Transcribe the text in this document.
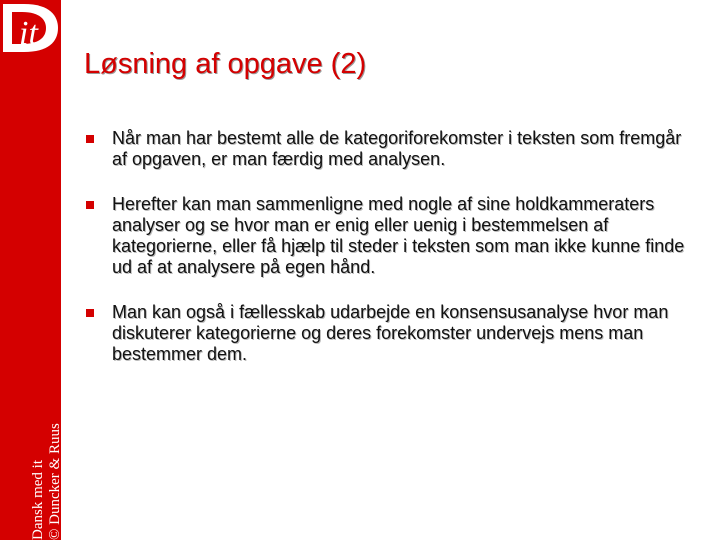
it
Dansk med it © Duncker & Ruus
Løsning af opgave (2)
Når man har bestemt alle de kategoriforekomster i teksten som fremgår af opgaven, er man færdig med analysen.
Herefter kan man sammenligne med nogle af sine holdkammeraters analyser og se hvor man er enig eller uenig i bestemmelsen af kategorierne, eller få hjælp til steder i teksten som man ikke kunne finde ud af at analysere på egen hånd.
Man kan også i fællesskab udarbejde en konsensusanalyse hvor man diskuterer kategorierne og deres forekomster undervejs mens man bestemmer dem.
